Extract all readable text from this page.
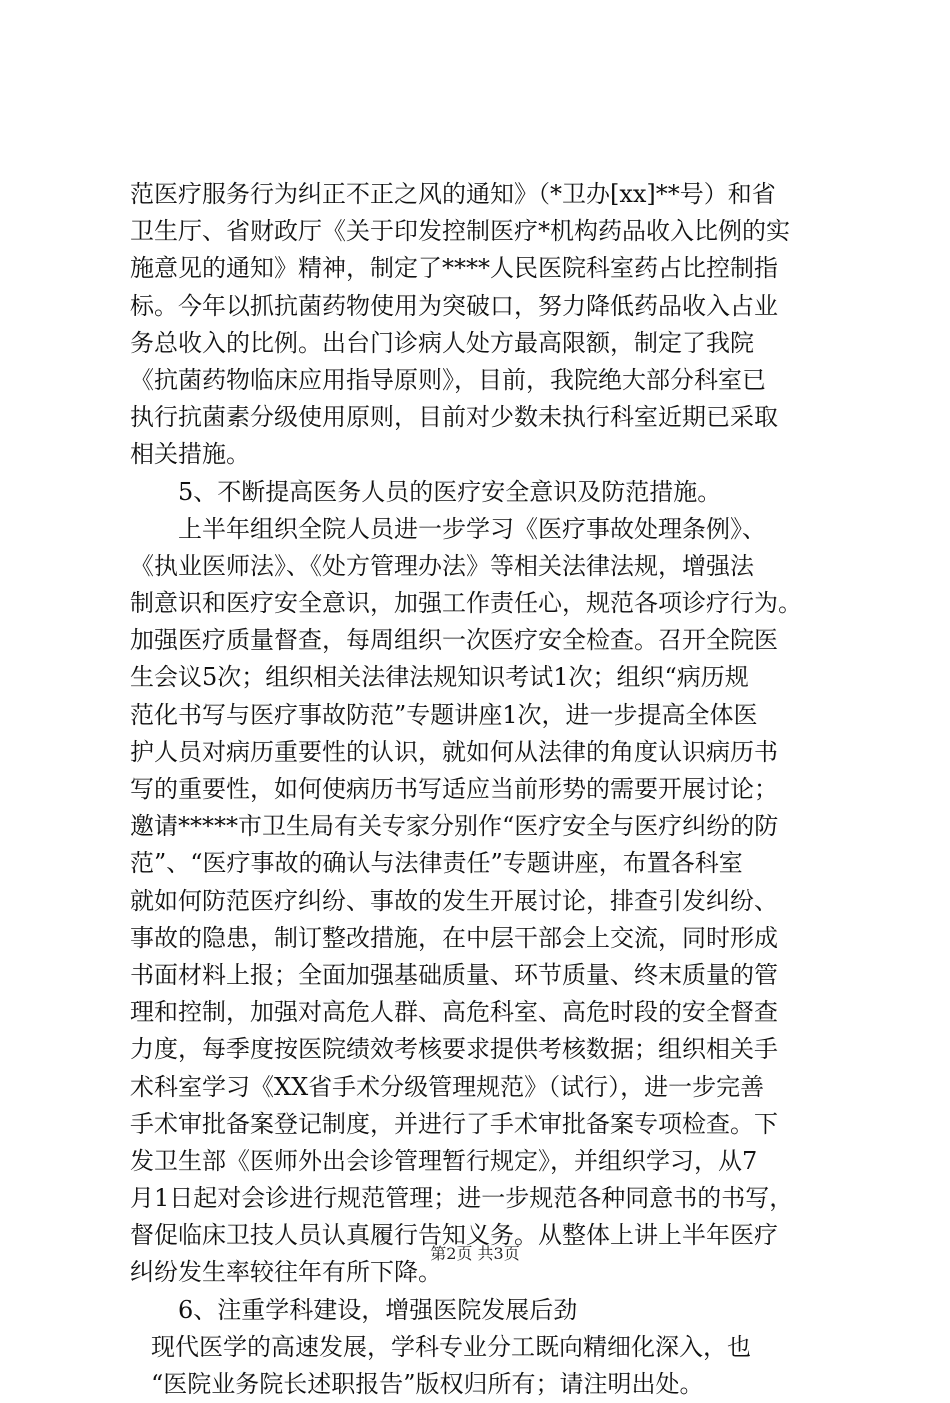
范医疗服务行为纠正不正之风的通知》（*卫办[xx]**号）和省
卫生厅、省财政厅《关于印发控制医疗*机构药品收入比例的实
施意见的通知》精神，制定了****人民医院科室药占比控制指
标。今年以抓抗菌药物使用为突破口，努力降低药品收入占业
务总收入的比例。出台门诊病人处方最高限额，制定了我院
《抗菌药物临床应用指导原则》，目前，我院绝大部分科室已
执行抗菌素分级使用原则，目前对少数未执行科室近期已采取
相关措施。
5、不断提高医务人员的医疗安全意识及防范措施。
上半年组织全院人员进一步学习《医疗事故处理条例》、
《执业医师法》、《处方管理办法》等相关法律法规，增强法
制意识和医疗安全意识，加强工作责任心，规范各项诊疗行为。
加强医疗质量督查，每周组织一次医疗安全检查。召开全院医
生会议5次；组织相关法律法规知识考试1次；组织“病历规
范化书写与医疗事故防范”专题讲座1次，进一步提高全体医
护人员对病历重要性的认识，就如何从法律的角度认识病历书
写的重要性，如何使病历书写适应当前形势的需要开展讨论；
邀请*****市卫生局有关专家分别作“医疗安全与医疗纠纷的防
范”、“医疗事故的确认与法律责任”专题讲座，布置各科室
就如何防范医疗纠纷、事故的发生开展讨论，排查引发纠纷、
事故的隐患，制订整改措施，在中层干部会上交流，同时形成
书面材料上报；全面加强基础质量、环节质量、终末质量的管
理和控制，加强对高危人群、高危科室、高危时段的安全督查
力度，每季度按医院绩效考核要求提供考核数据；组织相关手
术科室学习《XX省手术分级管理规范》（试行），进一步完善
手术审批备案登记制度，并进行了手术审批备案专项检查。下
发卫生部《医师外出会诊管理暂行规定》，并组织学习，从7
月1日起对会诊进行规范管理；进一步规范各种同意书的书写，
督促临床卫技人员认真履行告知义务。从整体上讲上半年医疗
纠纷发生率较往年有所下降。
6、注重学科建设，增强医院发展后劲
现代医学的高速发展，学科专业分工既向精细化深入，也
“医院业务院长述职报告”版权归所有；请注明出处。
第2页 共3页
